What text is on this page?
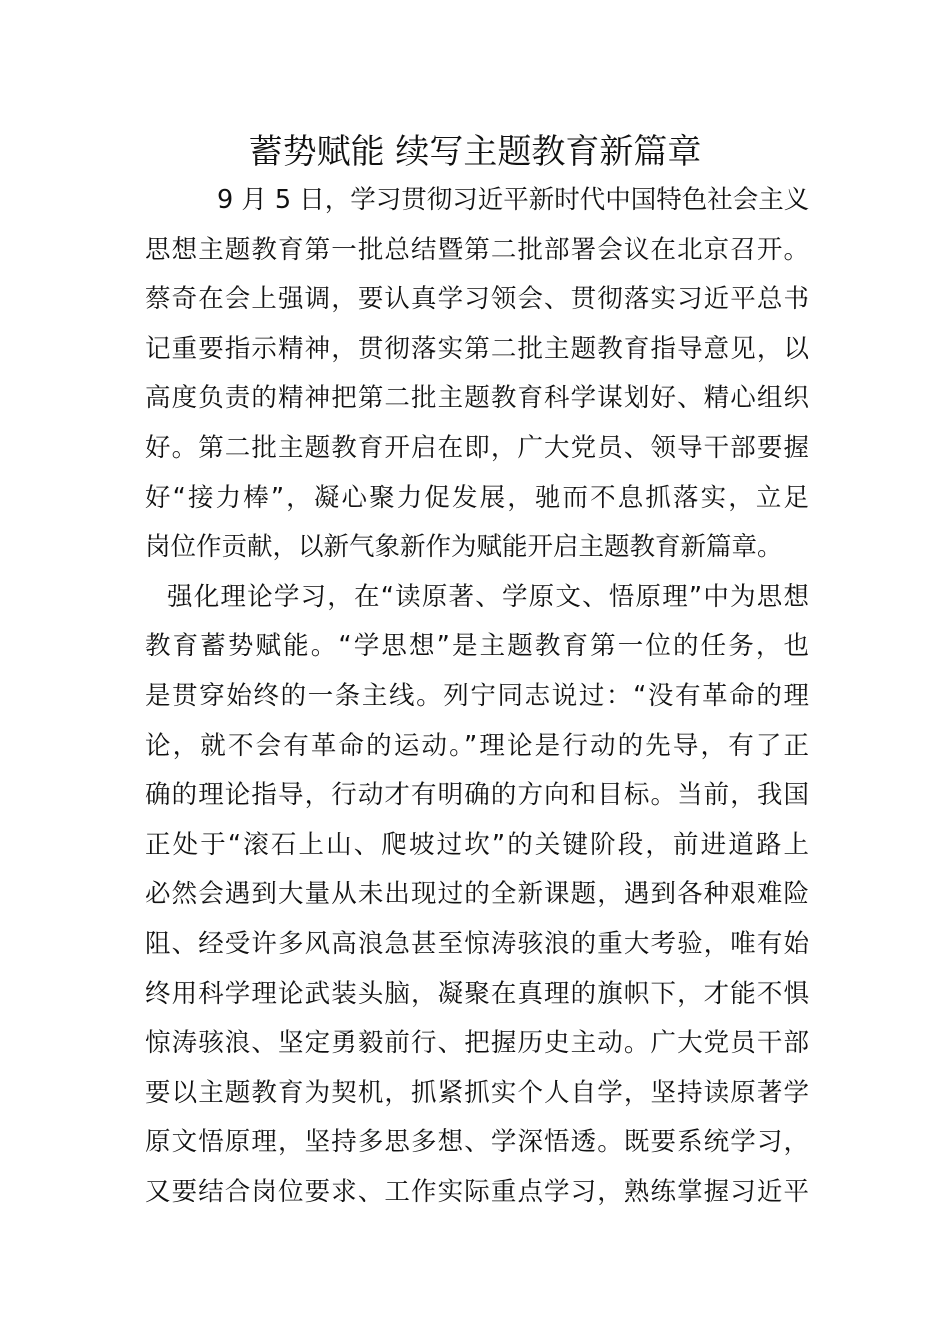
蓄势赋能 续写主题教育新篇章
9 月 5 日，学习贯彻习近平新时代中国特色社会主义
思想主题教育第一批总结暨第二批部署会议在北京召开。
蔡奇在会上强调，要认真学习领会、贯彻落实习近平总书
记重要指示精神，贯彻落实第二批主题教育指导意见，以
高度负责的精神把第二批主题教育科学谋划好、精心组织
好。第二批主题教育开启在即，广大党员、领导干部要握
好“接力棒”，凝心聚力促发展，驰而不息抓落实，立足
岗位作贡献，以新气象新作为赋能开启主题教育新篇章。
强化理论学习，在“读原著、学原文、悟原理”中为思想
教育蓄势赋能。“学思想”是主题教育第一位的任务，也
是贯穿始终的一条主线。列宁同志说过：“没有革命的理
论，就不会有革命的运动。”理论是行动的先导，有了正
确的理论指导，行动才有明确的方向和目标。当前，我国
正处于“滚石上山、爬坡过坎”的关键阶段，前进道路上
必然会遇到大量从未出现过的全新课题，遇到各种艰难险
阻、经受许多风高浪急甚至惊涛骇浪的重大考验，唯有始
终用科学理论武装头脑，凝聚在真理的旗帜下，才能不惧
惊涛骇浪、坚定勇毅前行、把握历史主动。广大党员干部
要以主题教育为契机，抓紧抓实个人自学，坚持读原著学
原文悟原理，坚持多思多想、学深悟透。既要系统学习，
又要结合岗位要求、工作实际重点学习，熟练掌握习近平
